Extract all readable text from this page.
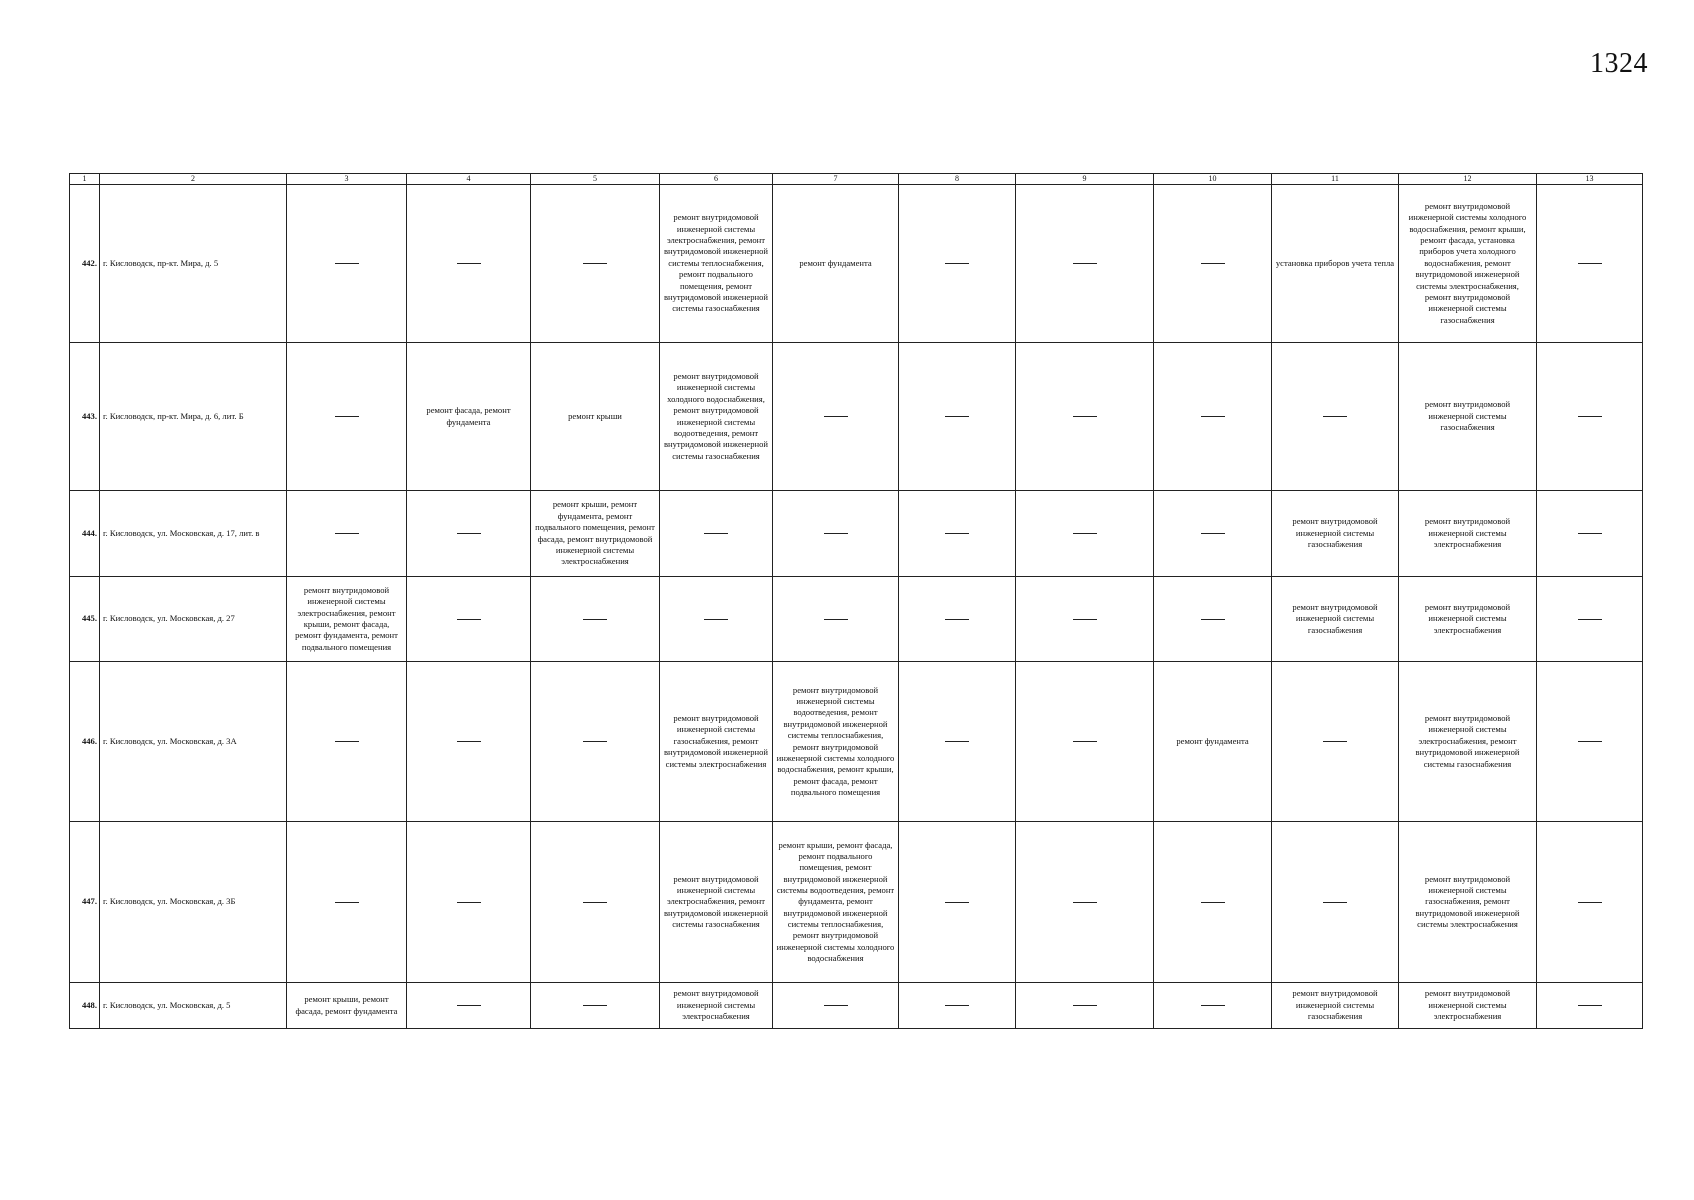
1324
1	2	3	4	5	6	7	8	9	10	11	12	13
442.	г. Кисловодск, пр-кт. Мира, д. 5				ремонт внутридомовой инженерной системы электроснабжения, ремонт внутридомовой инженерной системы теплоснабжения, ремонт подвального помещения, ремонт внутридомовой инженерной системы газоснабжения	ремонт фундамента				установка приборов учета тепла	ремонт внутридомовой инженерной системы холодного водоснабжения, ремонт крыши, ремонт фасада, установка приборов учета холодного водоснабжения, ремонт внутридомовой инженерной системы электроснабжения, ремонт внутридомовой инженерной системы газоснабжения	
443.	г. Кисловодск, пр-кт. Мира, д. 6, лит. Б		ремонт фасада, ремонт фундамента	ремонт крыши	ремонт внутридомовой инженерной системы холодного водоснабжения, ремонт внутридомовой инженерной системы водоотведения, ремонт внутридомовой инженерной системы газоснабжения						ремонт внутридомовой инженерной системы газоснабжения	
444.	г. Кисловодск, ул. Московская, д. 17, лит. в			ремонт крыши, ремонт фундамента, ремонт подвального помещения, ремонт фасада, ремонт внутридомовой инженерной системы электроснабжения						ремонт внутридомовой инженерной системы газоснабжения	ремонт внутридомовой инженерной системы электроснабжения	
445.	г. Кисловодск, ул. Московская, д. 27	ремонт внутридомовой инженерной системы электроснабжения, ремонт крыши, ремонт фасада, ремонт фундамента, ремонт подвального помещения								ремонт внутридомовой инженерной системы газоснабжения	ремонт внутридомовой инженерной системы электроснабжения	
446.	г. Кисловодск, ул. Московская, д. 3А				ремонт внутридомовой инженерной системы газоснабжения, ремонт внутридомовой инженерной системы электроснабжения	ремонт внутридомовой инженерной системы водоотведения, ремонт внутридомовой инженерной системы теплоснабжения, ремонт внутридомовой инженерной системы холодного водоснабжения, ремонт крыши, ремонт фасада, ремонт подвального помещения			ремонт фундамента		ремонт внутридомовой инженерной системы электроснабжения, ремонт внутридомовой инженерной системы газоснабжения	
447.	г. Кисловодск, ул. Московская, д. 3Б				ремонт внутридомовой инженерной системы электроснабжения, ремонт внутридомовой инженерной системы газоснабжения	ремонт крыши, ремонт фасада, ремонт подвального помещения, ремонт внутридомовой инженерной системы водоотведения, ремонт фундамента, ремонт внутридомовой инженерной системы теплоснабжения, ремонт внутридомовой инженерной системы холодного водоснабжения					ремонт внутридомовой инженерной системы газоснабжения, ремонт внутридомовой инженерной системы электроснабжения	
448.	г. Кисловодск, ул. Московская, д. 5	ремонт крыши, ремонт фасада, ремонт фундамента			ремонт внутридомовой инженерной системы электроснабжения					ремонт внутридомовой инженерной системы газоснабжения	ремонт внутридомовой инженерной системы электроснабжения	
